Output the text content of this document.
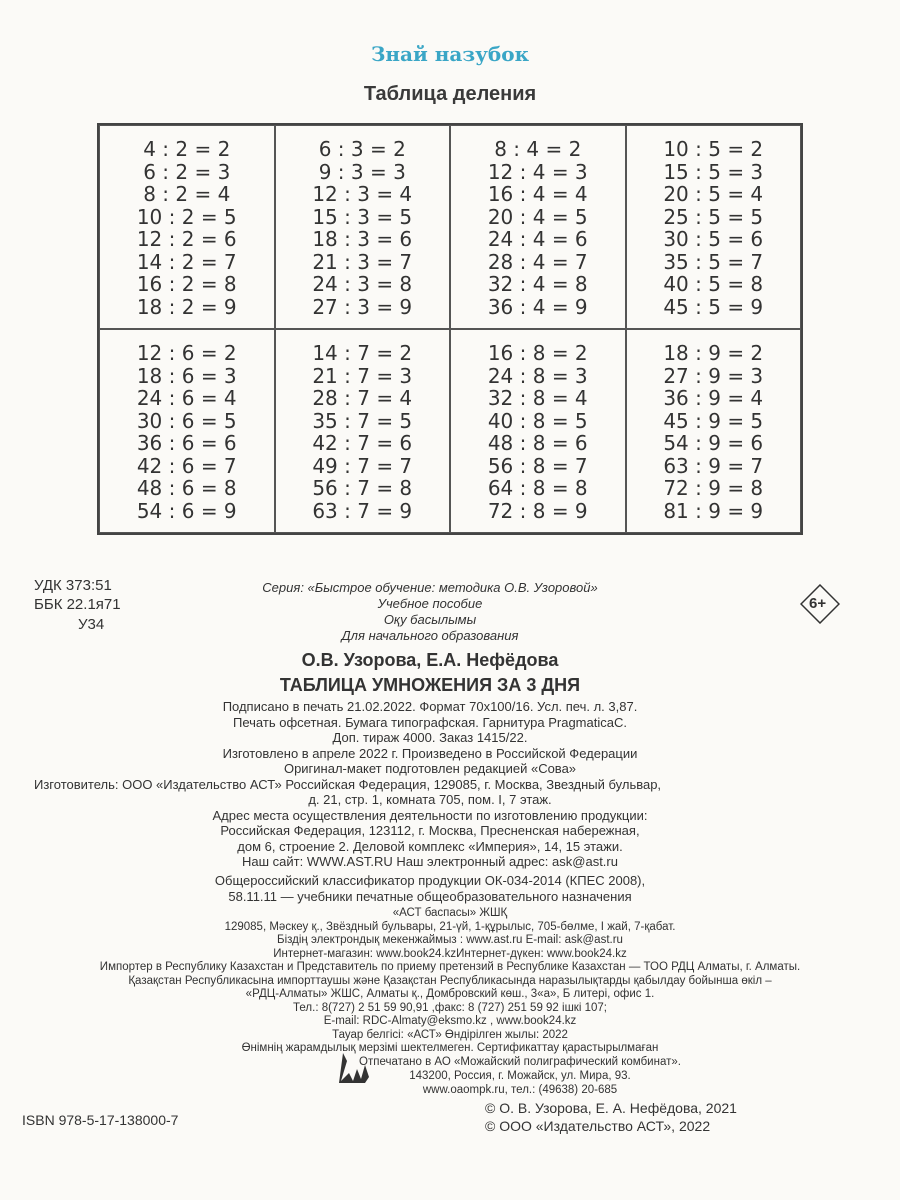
Знай назубок
Таблица деления
4 : 2 = 2
6 : 2 = 3
8 : 2 = 4
10 : 2 = 5
12 : 2 = 6
14 : 2 = 7
16 : 2 = 8
18 : 2 = 9
6 : 3 = 2
9 : 3 = 3
12 : 3 = 4
15 : 3 = 5
18 : 3 = 6
21 : 3 = 7
24 : 3 = 8
27 : 3 = 9
8 : 4 = 2
12 : 4 = 3
16 : 4 = 4
20 : 4 = 5
24 : 4 = 6
28 : 4 = 7
32 : 4 = 8
36 : 4 = 9
10 : 5 = 2
15 : 5 = 3
20 : 5 = 4
25 : 5 = 5
30 : 5 = 6
35 : 5 = 7
40 : 5 = 8
45 : 5 = 9
12 : 6 = 2
18 : 6 = 3
24 : 6 = 4
30 : 6 = 5
36 : 6 = 6
42 : 6 = 7
48 : 6 = 8
54 : 6 = 9
14 : 7 = 2
21 : 7 = 3
28 : 7 = 4
35 : 7 = 5
42 : 7 = 6
49 : 7 = 7
56 : 7 = 8
63 : 7 = 9
16 : 8 = 2
24 : 8 = 3
32 : 8 = 4
40 : 8 = 5
48 : 8 = 6
56 : 8 = 7
64 : 8 = 8
72 : 8 = 9
18 : 9 = 2
27 : 9 = 3
36 : 9 = 4
45 : 9 = 5
54 : 9 = 6
63 : 9 = 7
72 : 9 = 8
81 : 9 = 9
УДК 373:51
ББК 22.1я71
У34
Серия: «Быстрое обучение: методика О.В. Узоровой»
Учебное пособие
Оқу басылымы
Для начального образования
6+
О.В. Узорова, Е.А. Нефёдова
ТАБЛИЦА УМНОЖЕНИЯ ЗА 3 ДНЯ
ISBN 978-5-17-138000-7
© О. В. Узорова, Е. А. Нефёдова, 2021
© ООО «Издательство АСТ», 2022
Подписано в печать 21.02.2022. Формат 70х100/16. Усл. печ. л. 3,87.
Печать офсетная. Бумага типографская. Гарнитура PragmaticaC.
Доп. тираж 4000. Заказ 1415/22.
Изготовлено в апреле 2022 г. Произведено в Российской Федерации
Оригинал-макет подготовлен редакцией «Сова»
Изготовитель: ООО «Издательство АСТ» Российская Федерация, 129085, г. Москва, Звездный бульвар,
д. 21, стр. 1, комната 705, пом. I, 7 этаж.
Адрес места осуществления деятельности по изготовлению продукции:
Российская Федерация, 123112, г. Москва, Пресненская набережная,
дом 6, строение 2. Деловой комплекс «Империя», 14, 15 этажи.
Наш сайт: WWW.AST.RU Наш электронный адрес: ask@ast.ru
Общероссийский классификатор продукции ОК-034-2014 (КПЕС 2008),
58.11.11 — учебники печатные общеобразовательного назначения
«АСТ баспасы» ЖШҚ
129085, Мәскеу қ., Звёздный бульвары, 21-үй, 1-құрылыс, 705-бөлме, I жай, 7-қабат.
Біздің электрондық мекенжаймыз : www.ast.ru E-mail: ask@ast.ru
Интернет-магазин: www.book24.kzИнтернет-дүкен: www.book24.kz
Импортер в Республику Казахстан и Представитель по приему претензий в Республике Казахстан — ТОО РДЦ Алматы, г. Алматы.
Қазақстан Республикасына импорттаушы және Қазақстан Республикасында наразылықтарды қабылдау бойынша өкіл –
«РДЦ-Алматы» ЖШС, Алматы қ., Домбровский көш., 3«а», Б литері, офис 1.
Тел.: 8(727) 2 51 59 90,91 ,факс: 8 (727) 251 59 92 ішкі 107;
E-mail: RDC-Almaty@eksmo.kz , www.book24.kz
Тауар белгісі: «АСТ» Өндірілген жылы: 2022
Өнімнің жарамдылық мерзімі шектелмеген. Сертификаттау қарастырылмаған
Отпечатано в АО «Можайский полиграфический комбинат».
143200, Россия, г. Можайск, ул. Мира, 93.
www.oaompk.ru, тел.: (49638) 20-685
